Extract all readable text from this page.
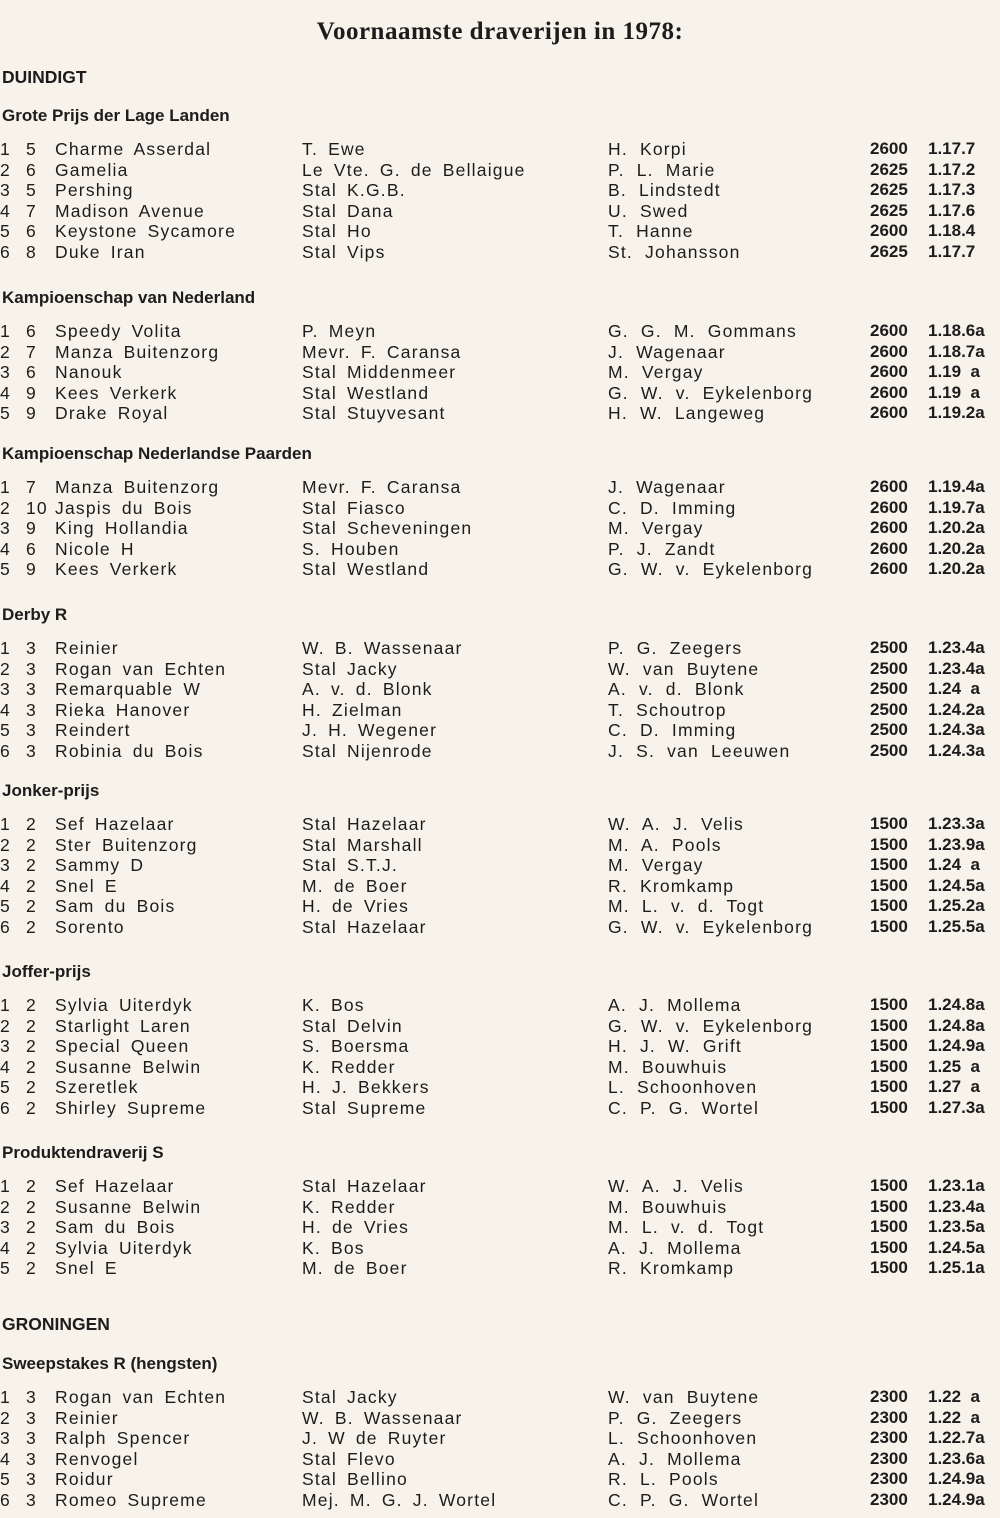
Voornaamste draverijen in 1978:
DUINDIGT
Grote Prijs der Lage Landen
1 5 Charme Asserdal	T. Ewe	H. Korpi	2600 1.17.7
2 6 Gamelia	Le Vte. G. de Bellaigue	P. L. Marie	2625 1.17.2
3 5 Pershing	Stal K.G.B.	B. Lindstedt	2625 1.17.3
4 7 Madison Avenue	Stal Dana	U. Swed	2625 1.17.6
5 6 Keystone Sycamore	Stal Ho	T. Hanne	2600 1.18.4
6 8 Duke Iran	Stal Vips	St. Johansson	2625 1.17.7
Kampioenschap van Nederland
1 6 Speedy Volita	P. Meyn	G. G. M. Gommans	2600 1.18.6a
2 7 Manza Buitenzorg	Mevr. F. Caransa	J. Wagenaar	2600 1.18.7a
3 6 Nanouk	Stal Middenmeer	M. Vergay	2600 1.19  a
4 9 Kees Verkerk	Stal Westland	G. W. v. Eykelenborg	2600 1.19  a
5 9 Drake Royal	Stal Stuyvesant	H. W. Langeweg	2600 1.19.2a
Kampioenschap Nederlandse Paarden
1 7 Manza Buitenzorg	Mevr. F. Caransa	J. Wagenaar	2600 1.19.4a
2 10 Jaspis du Bois	Stal Fiasco	C. D. Imming	2600 1.19.7a
3 9 King Hollandia	Stal Scheveningen	M. Vergay	2600 1.20.2a
4 6 Nicole H	S. Houben	P. J. Zandt	2600 1.20.2a
5 9 Kees Verkerk	Stal Westland	G. W. v. Eykelenborg	2600 1.20.2a
Derby R
1 3 Reinier	W. B. Wassenaar	P. G. Zeegers	2500 1.23.4a
2 3 Rogan van Echten	Stal Jacky	W. van Buytene	2500 1.23.4a
3 3 Remarquable W	A. v. d. Blonk	A. v. d. Blonk	2500 1.24  a
4 3 Rieka Hanover	H. Zielman	T. Schoutrop	2500 1.24.2a
5 3 Reindert	J. H. Wegener	C. D. Imming	2500 1.24.3a
6 3 Robinia du Bois	Stal Nijenrode	J. S. van Leeuwen	2500 1.24.3a
Jonker-prijs
1 2 Sef Hazelaar	Stal Hazelaar	W. A. J. Velis	1500 1.23.3a
2 2 Ster Buitenzorg	Stal Marshall	M. A. Pools	1500 1.23.9a
3 2 Sammy D	Stal S.T.J.	M. Vergay	1500 1.24  a
4 2 Snel E	M. de Boer	R. Kromkamp	1500 1.24.5a
5 2 Sam du Bois	H. de Vries	M. L. v. d. Togt	1500 1.25.2a
6 2 Sorento	Stal Hazelaar	G. W. v. Eykelenborg	1500 1.25.5a
Joffer-prijs
1 2 Sylvia Uiterdyk	K. Bos	A. J. Mollema	1500 1.24.8a
2 2 Starlight Laren	Stal Delvin	G. W. v. Eykelenborg	1500 1.24.8a
3 2 Special Queen	S. Boersma	H. J. W. Grift	1500 1.24.9a
4 2 Susanne Belwin	K. Redder	M. Bouwhuis	1500 1.25  a
5 2 Szeretlek	H. J. Bekkers	L. Schoonhoven	1500 1.27  a
6 2 Shirley Supreme	Stal Supreme	C. P. G. Wortel	1500 1.27.3a
Produktendraverij S
1 2 Sef Hazelaar	Stal Hazelaar	W. A. J. Velis	1500 1.23.1a
2 2 Susanne Belwin	K. Redder	M. Bouwhuis	1500 1.23.4a
3 2 Sam du Bois	H. de Vries	M. L. v. d. Togt	1500 1.23.5a
4 2 Sylvia Uiterdyk	K. Bos	A. J. Mollema	1500 1.24.5a
5 2 Snel E	M. de Boer	R. Kromkamp	1500 1.25.1a
GRONINGEN
Sweepstakes R (hengsten)
1 3 Rogan van Echten	Stal Jacky	W. van Buytene	2300 1.22  a
2 3 Reinier	W. B. Wassenaar	P. G. Zeegers	2300 1.22  a
3 3 Ralph Spencer	J. W de Ruyter	L. Schoonhoven	2300 1.22.7a
4 3 Renvogel	Stal Flevo	A. J. Mollema	2300 1.23.6a
5 3 Roidur	Stal Bellino	R. L. Pools	2300 1.24.9a
6 3 Romeo Supreme	Mej. M. G. J. Wortel	C. P. G. Wortel	2300 1.24.9a
